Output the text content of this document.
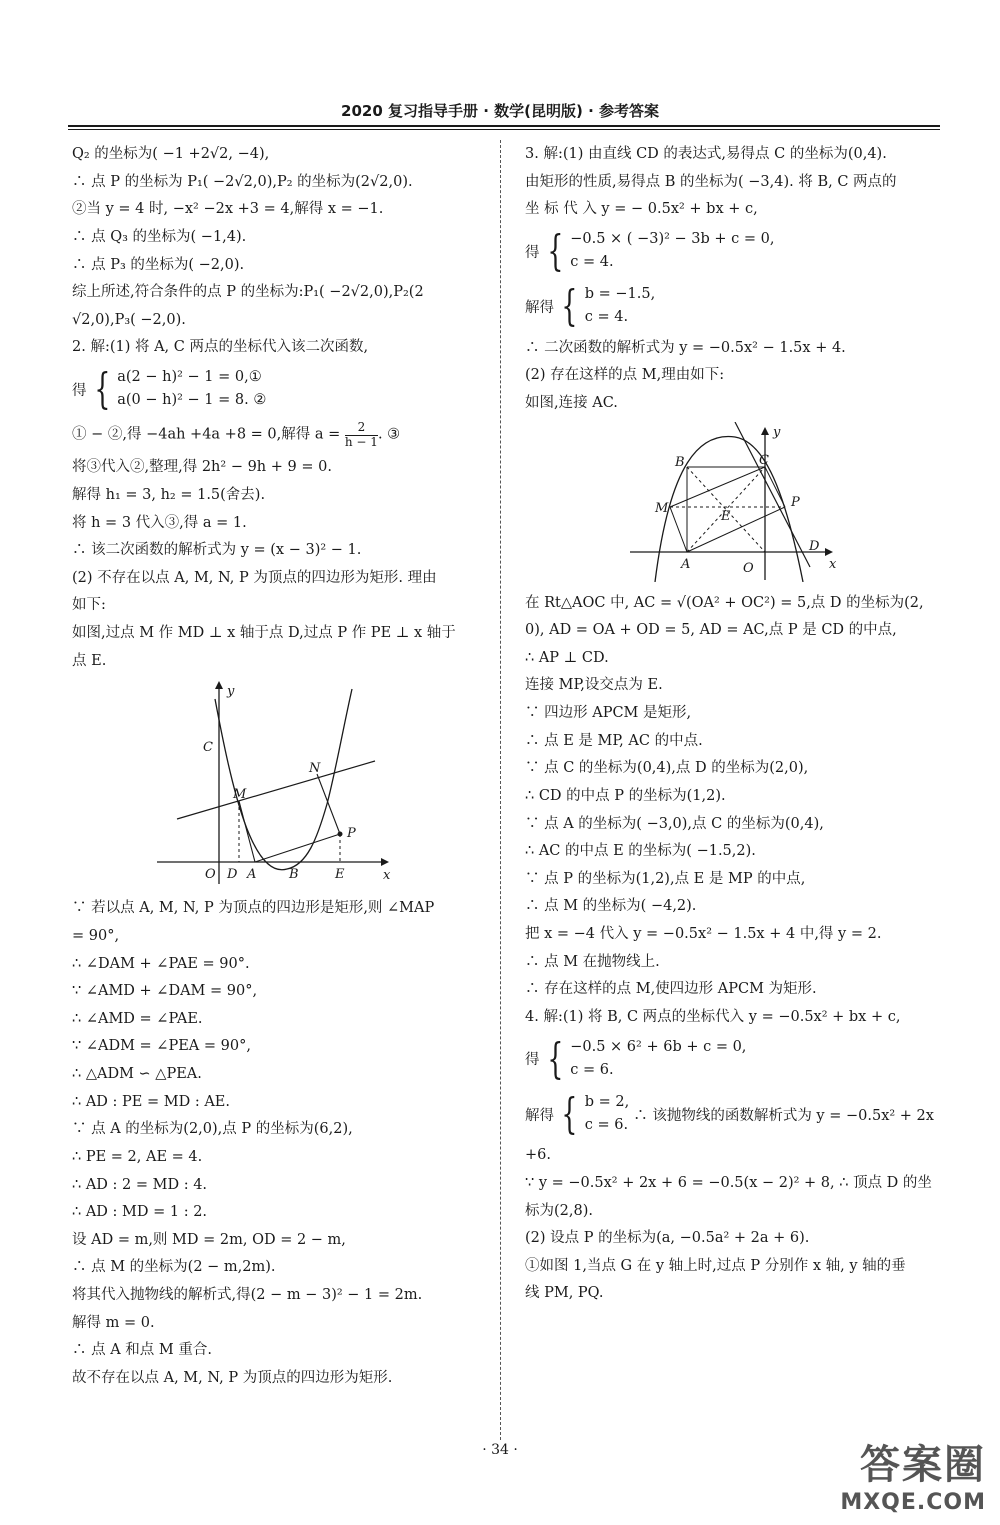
2020 复习指导手册 · 数学(昆明版) · 参考答案
Q₂ 的坐标为( −1 +2√2, −4),
∴ 点 P 的坐标为 P₁( −2√2,0),P₂ 的坐标为(2√2,0).
②当 y = 4 时, −x² −2x +3 = 4,解得 x = −1.
∴ 点 Q₃ 的坐标为( −1,4).
∴ 点 P₃ 的坐标为( −2,0).
综上所述,符合条件的点 P 的坐标为:P₁( −2√2,0),P₂(2
√2,0),P₃( −2,0).
2. 解:(1) 将 A, C 两点的坐标代入该二次函数,
得 { a(2 − h)² − 1 = 0,①
a(0 − h)² − 1 = 8. ②
① − ②,得 −4ah +4a +8 = 0,解得 $a = \frac{2}{h - 1}$ . ③
将③代入②,整理,得 2h² − 9h + 9 = 0.
解得 h₁ = 3, h₂ = 1.5(舍去).
将 h = 3 代入③,得 a = 1.
∴ 该二次函数的解析式为 y = (x − 3)² − 1.
(2) 不存在以点 A, M, N, P 为顶点的四边形为矩形. 理由
如下:
如图,过点 M 作 MD ⊥ x 轴于点 D,过点 P 作 PE ⊥ x 轴于
点 E.
y
x
C
M
N
P
O D A	B	E
∵ 若以点 A, M, N, P 为顶点的四边形是矩形,则 ∠MAP
= 90°,
∴ ∠DAM + ∠PAE = 90°.
∵ ∠AMD + ∠DAM = 90°,
∴ ∠AMD = ∠PAE.
∵ ∠ADM = ∠PEA = 90°,
∴ △ADM ∽ △PEA.
∴ AD : PE = MD : AE.
∵ 点 A 的坐标为(2,0),点 P 的坐标为(6,2),
∴ PE = 2, AE = 4.
∴ AD : 2 = MD : 4.
∴ AD : MD = 1 : 2.
设 AD = m,则 MD = 2m, OD = 2 − m,
∴ 点 M 的坐标为(2 − m,2m).
将其代入抛物线的解析式,得(2 − m − 3)² − 1 = 2m.
解得 m = 0.
∴ 点 A 和点 M 重合.
故不存在以点 A, M, N, P 为顶点的四边形为矩形.
3. 解:(1) 由直线 CD 的表达式,易得点 C 的坐标为(0,4).
由矩形的性质,易得点 B 的坐标为( −3,4). 将 B, C 两点的
坐 标 代 入 y = − 0.5x² + bx + c,
得 { −0.5 × ( −3)² − 3b + c = 0,
c = 4.
解得 { b = −1.5,
c = 4.
∴ 二次函数的解析式为 y = −0.5x² − 1.5x + 4.
(2) 存在这样的点 M,理由如下:
如图,连接 AC.
y
x
B	C
M
E
P
A	O
D
在 Rt△AOC 中, AC = √(OA² + OC²) = 5,点 D 的坐标为(2,
0), AD = OA + OD = 5, AD = AC,点 P 是 CD 的中点,
∴ AP ⊥ CD.
连接 MP,设交点为 E.
∵ 四边形 APCM 是矩形,
∴ 点 E 是 MP, AC 的中点.
∵ 点 C 的坐标为(0,4),点 D 的坐标为(2,0),
∴ CD 的中点 P 的坐标为(1,2).
∵ 点 A 的坐标为( −3,0),点 C 的坐标为(0,4),
∴ AC 的中点 E 的坐标为( −1.5,2).
∵ 点 P 的坐标为(1,2),点 E 是 MP 的中点,
∴ 点 M 的坐标为( −4,2).
把 x = −4 代入 y = −0.5x² − 1.5x + 4 中,得 y = 2.
∴ 点 M 在抛物线上.
∴ 存在这样的点 M,使四边形 APCM 为矩形.
4. 解:(1) 将 B, C 两点的坐标代入 y = −0.5x² + bx + c,
得 { −0.5 × 6² + 6b + c = 0,
c = 6.
解得 { b = 2,
c = 6.
∴ 该抛物线的函数解析式为 y = −0.5x² + 2x
+6.
∵ y = −0.5x² + 2x + 6 = −0.5(x − 2)² + 8, ∴ 顶点 D 的坐
标为(2,8).
(2) 设点 P 的坐标为(a, −0.5a² + 2a + 6).
①如图 1,当点 G 在 y 轴上时,过点 P 分别作 x 轴, y 轴的垂
线 PM, PQ.
· 34 ·	答案圈
MXQE.COM
